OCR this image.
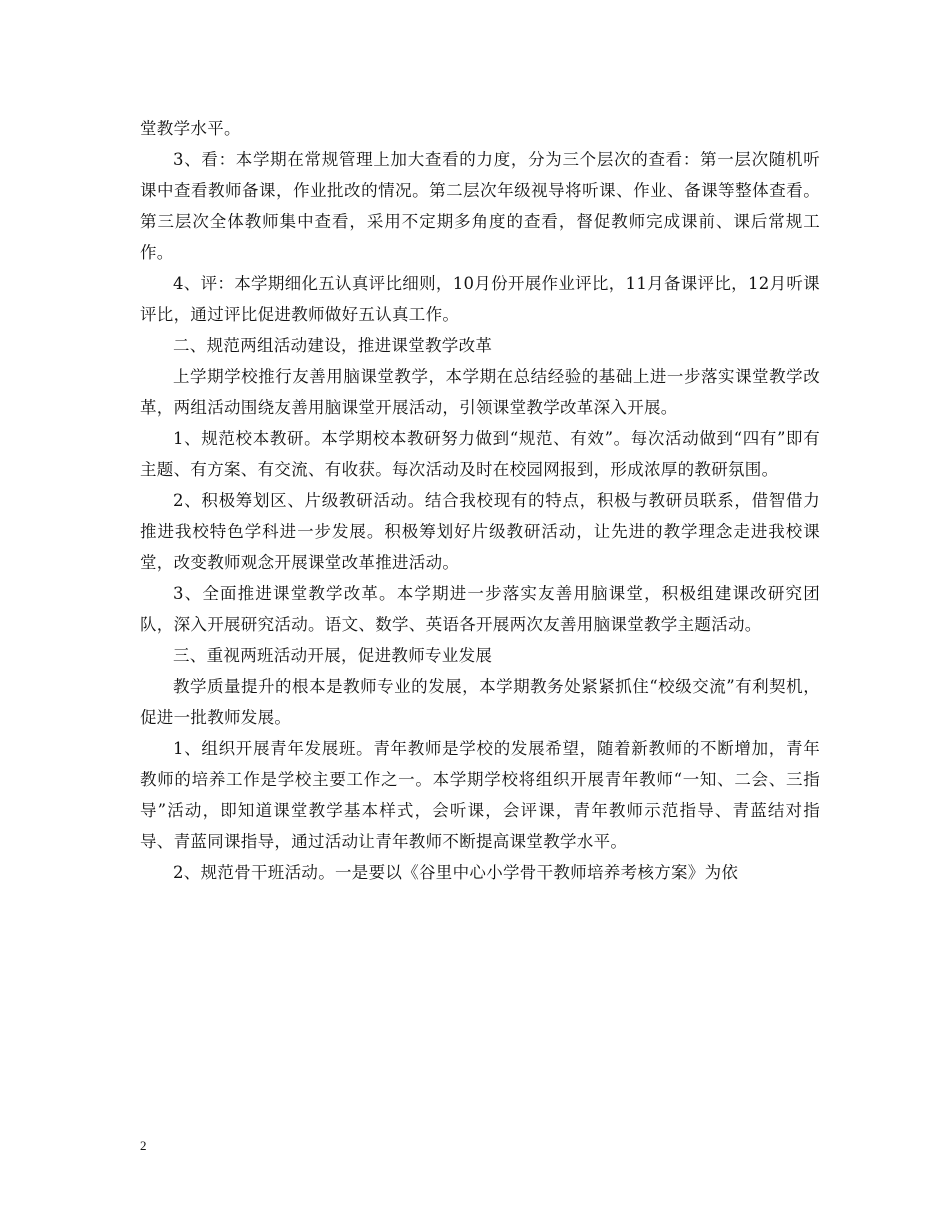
堂教学水平。

3、看：本学期在常规管理上加大查看的力度，分为三个层次的查看：第一层次随机听课中查看教师备课，作业批改的情况。第二层次年级视导将听课、作业、备课等整体查看。第三层次全体教师集中查看，采用不定期多角度的查看，督促教师完成课前、课后常规工作。

4、评：本学期细化五认真评比细则，10月份开展作业评比，11月备课评比，12月听课评比，通过评比促进教师做好五认真工作。

二、规范两组活动建设，推进课堂教学改革

上学期学校推行友善用脑课堂教学，本学期在总结经验的基础上进一步落实课堂教学改革，两组活动围绕友善用脑课堂开展活动，引领课堂教学改革深入开展。

1、规范校本教研。本学期校本教研努力做到“规范、有效”。每次活动做到“四有”即有主题、有方案、有交流、有收获。每次活动及时在校园网报到，形成浓厚的教研氛围。

2、积极筹划区、片级教研活动。结合我校现有的特点，积极与教研员联系，借智借力推进我校特色学科进一步发展。积极筹划好片级教研活动，让先进的教学理念走进我校课堂，改变教师观念开展课堂改革推进活动。

3、全面推进课堂教学改革。本学期进一步落实友善用脑课堂，积极组建课改研究团队，深入开展研究活动。语文、数学、英语各开展两次友善用脑课堂教学主题活动。

三、重视两班活动开展，促进教师专业发展

教学质量提升的根本是教师专业的发展，本学期教务处紧紧抓住“校级交流”有利契机，促进一批教师发展。

1、组织开展青年发展班。青年教师是学校的发展希望，随着新教师的不断增加，青年教师的培养工作是学校主要工作之一。本学期学校将组织开展青年教师“一知、二会、三指导”活动，即知道课堂教学基本样式，会听课，会评课，青年教师示范指导、青蓝结对指导、青蓝同课指导，通过活动让青年教师不断提高课堂教学水平。

2、规范骨干班活动。一是要以《谷里中心小学骨干教师培养考核方案》为依

2
